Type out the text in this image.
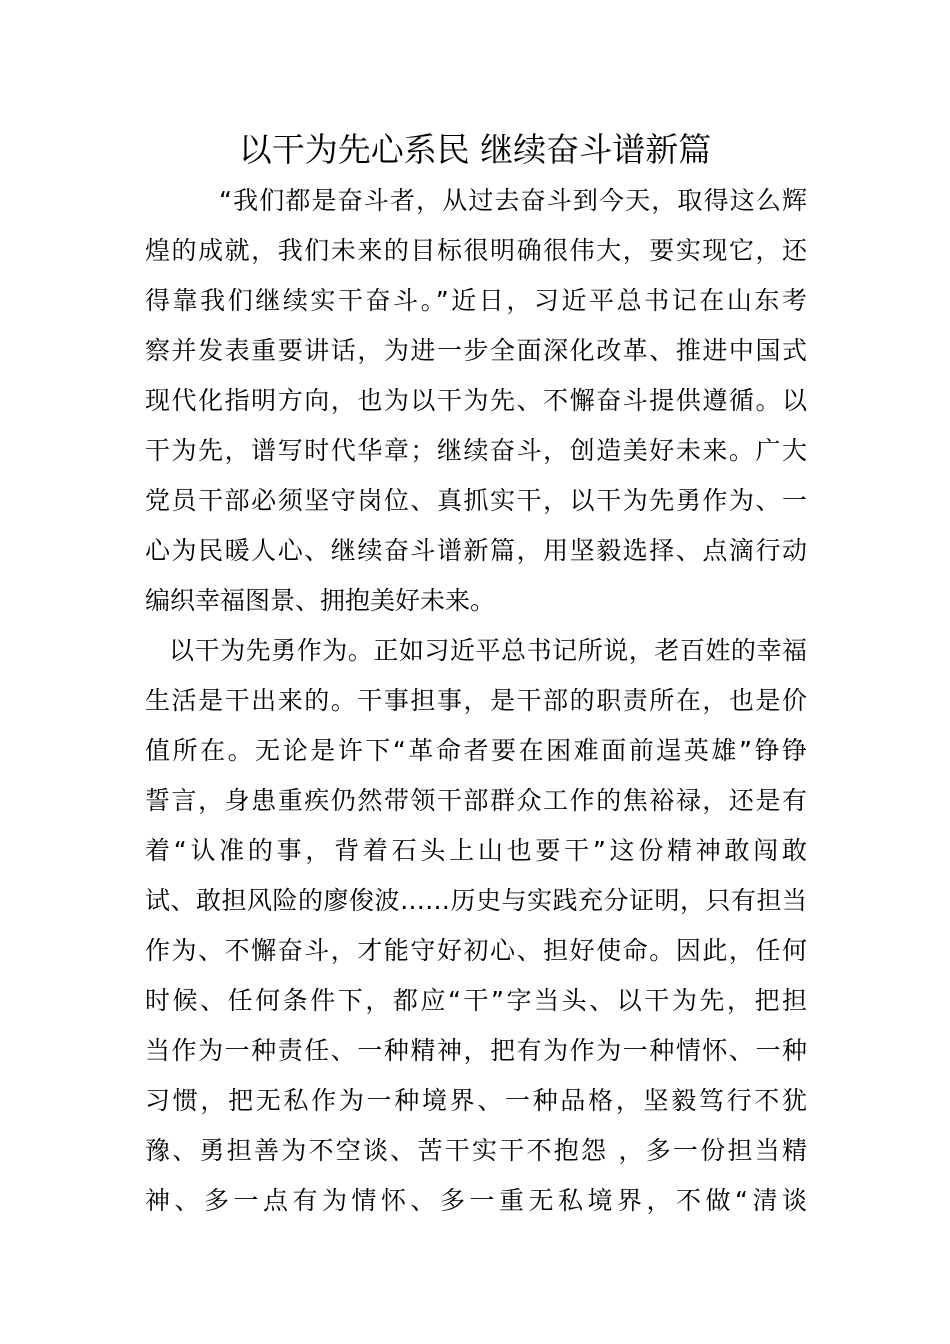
以干为先心系民 继续奋斗谱新篇
“我们都是奋斗者，从过去奋斗到今天，取得这么辉
煌的成就，我们未来的目标很明确很伟大，要实现它，还
得靠我们继续实干奋斗。”近日，习近平总书记在山东考
察并发表重要讲话，为进一步全面深化改革、推进中国式
现代化指明方向，也为以干为先、不懈奋斗提供遵循。以
干为先，谱写时代华章；继续奋斗，创造美好未来。广大
党员干部必须坚守岗位、真抓实干，以干为先勇作为、一
心为民暖人心、继续奋斗谱新篇，用坚毅选择、点滴行动
编织幸福图景、拥抱美好未来。
以干为先勇作为。正如习近平总书记所说，老百姓的幸福
生活是干出来的。干事担事，是干部的职责所在，也是价
值所在。无论是许下“革命者要在困难面前逞英雄”铮铮
誓言，身患重疾仍然带领干部群众工作的焦裕禄，还是有
着“认准的事，背着石头上山也要干”这份精神敢闯敢
试、敢担风险的廖俊波……历史与实践充分证明，只有担当
作为、不懈奋斗，才能守好初心、担好使命。因此，任何
时候、任何条件下，都应“干”字当头、以干为先，把担
当作为一种责任、一种精神，把有为作为一种情怀、一种
习惯，把无私作为一种境界、一种品格，坚毅笃行不犹
豫、勇担善为不空谈、苦干实干不抱怨 ，多一份担当精
神、多一点有为情怀、多一重无私境界，不做“清谈
